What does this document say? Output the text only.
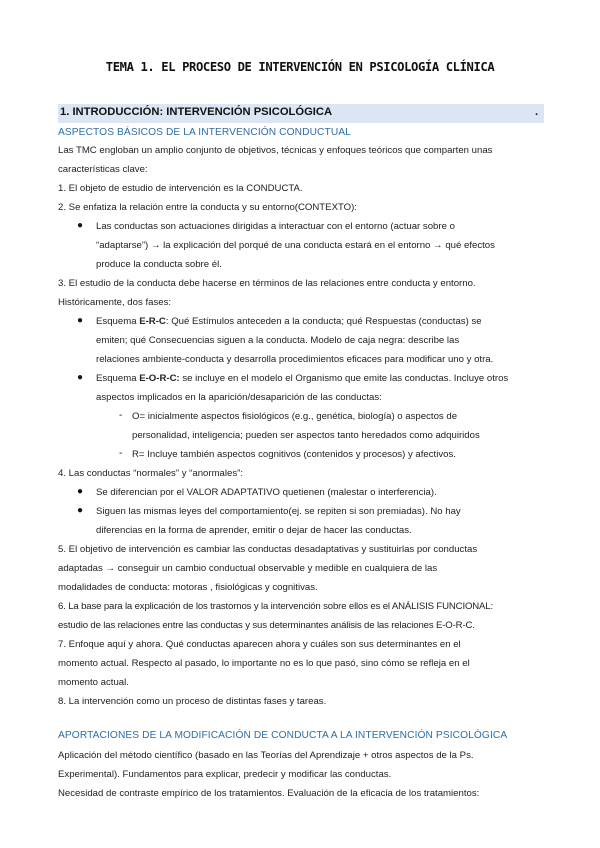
TEMA 1. EL PROCESO DE INTERVENCIÓN EN PSICOLOGÍA CLÍNICA
1. INTRODUCCIÓN: INTERVENCIÓN PSICOLÓGICA	.
ASPECTOS BÁSICOS DE LA INTERVENCIÓN CONDUCTUAL
Las TMC engloban un amplio conjunto de objetivos, técnicas y enfoques teóricos que comparten unas
características clave:
1. El objeto de estudio de intervención es la CONDUCTA.
2. Se enfatiza la relación entre la conducta y su entorno(CONTEXTO):
● Las conductas son actuaciones dirigidas a interactuar con el entorno (actuar sobre o
“adaptarse”) → la explicación del porqué de una conducta estará en el entorno → qué efectos
produce la conducta sobre él.
3. El estudio de la conducta debe hacerse en términos de las relaciones entre conducta y entorno.
Históricamente, dos fases:
● Esquema E-R-C: Qué Estímulos anteceden a la conducta; qué Respuestas (conductas) se
emiten; qué Consecuencias siguen a la conducta. Modelo de caja negra: describe las
relaciones ambiente-conducta y desarrolla procedimientos eficaces para modificar uno y otra.
● Esquema E-O-R-C: se incluye en el modelo el Organismo que emite las conductas. Incluye otros
aspectos implicados en la aparición/desaparición de las conductas:
- O= inicialmente aspectos fisiológicos (e.g., genética, biología) o aspectos de
personalidad, inteligencia; pueden ser aspectos tanto heredados como adquiridos
- R= Incluye también aspectos cognitivos (contenidos y procesos) y afectivos.
4. Las conductas “normales” y “anormales”:
● Se diferencian por el VALOR ADAPTATIVO quetienen (malestar o interferencia).
● Siguen las mismas leyes del comportamiento(ej. se repiten si son premiadas). No hay
diferencias en la forma de aprender, emitir o dejar de hacer las conductas.
5. El objetivo de intervención es cambiar las conductas desadaptativas y sustituirlas por conductas
adaptadas → conseguir un cambio conductual observable y medible en cualquiera de las
modalidades de conducta: motoras , fisiológicas y cognitivas.
6. La base para la explicación de los trastornos y la intervención sobre ellos es el ANÁLISIS FUNCIONAL:
estudio de las relaciones entre las conductas y sus determinantes análisis de las relaciones E-O-R-C.
7. Enfoque aquí y ahora. Qué conductas aparecen ahora y cuáles son sus determinantes en el
momento actual. Respecto al pasado, lo importante no es lo que pasó, sino cómo se refleja en el
momento actual.
8. La intervención como un proceso de distintas fases y tareas.
APORTACIONES DE LA MODIFICACIÓN DE CONDUCTA A LA INTERVENCIÓN PSICOLÓGICA
Aplicación del método científico (basado en las Teorías del Aprendizaje + otros aspectos de la Ps.
Experimental). Fundamentos para explicar, predecir y modificar las conductas.
Necesidad de contraste empírico de los tratamientos. Evaluación de la eficacia de los tratamientos:
